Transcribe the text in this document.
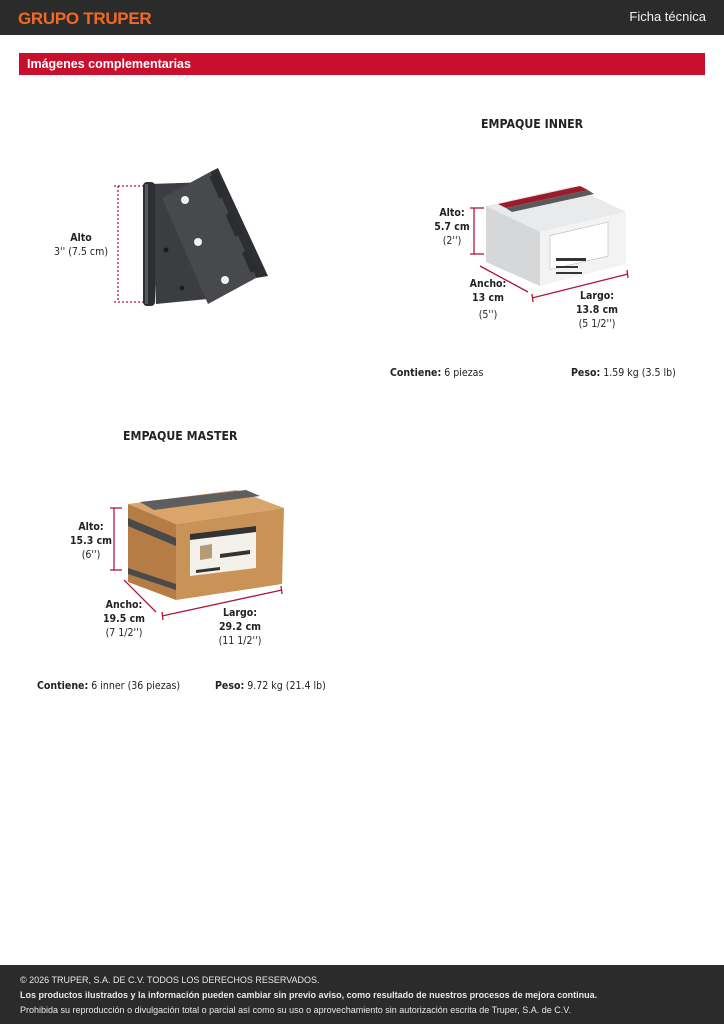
GRUPO TRUPER	Ficha técnica
Imágenes complementarias
Alto
3'' (7.5 cm)
EMPAQUE INNER
Alto:
5.7 cm
(2'')
Ancho:
13 cm
(5'')
Largo:
13.8 cm
(5 1/2'')
Contiene: 6 piezas	Peso: 1.59 kg (3.5 lb)
EMPAQUE MASTER
Alto:
15.3 cm
(6'')
Ancho:
19.5 cm
(7 1/2'')
Largo:
29.2 cm
(11 1/2'')
Contiene: 6 inner (36 piezas)	Peso: 9.72 kg (21.4 lb)
© 2026 TRUPER, S.A. DE C.V. TODOS LOS DERECHOS RESERVADOS.
Los productos ilustrados y la información pueden cambiar sin previo aviso, como resultado de nuestros procesos de mejora continua.
Prohibida su reproducción o divulgación total o parcial así como su uso o aprovechamiento sin autorización escrita de Truper, S.A. de C.V.
